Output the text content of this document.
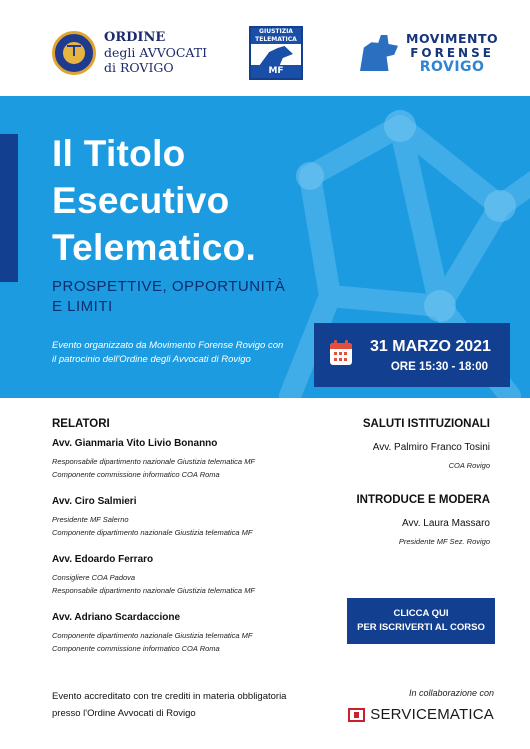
ORDINE
degli AVVOCATI
di ROVIGO
GIUSTIZIA TELEMATICA
MF
MOVIMENTO
FORENSE
ROVIGO
Il Titolo
Esecutivo
Telematico.
PROSPETTIVE, OPPORTUNITÀ
E LIMITI
Evento organizzato da Movimento Forense Rovigo con
il patrocinio dell'Ordine degli Avvocati di Rovigo
31 MARZO 2021
ORE 15:30 - 18:00
RELATORI
Avv. Gianmaria Vito Livio Bonanno
Responsabile dipartimento nazionale Giustizia telematica MF
Componente commissione informatico COA Roma
Avv. Ciro Salmieri
Presidente MF Salerno
Componente dipartimento nazionale Giustizia telematica MF
Avv. Edoardo Ferraro
Consigliere COA Padova
Responsabile dipartimento nazionale Giustizia telematica MF
Avv. Adriano Scardaccione
Componente dipartimento nazionale Giustizia telematica MF
Componente commissione informatico COA Roma
SALUTI ISTITUZIONALI
Avv. Palmiro Franco Tosini
COA Rovigo
INTRODUCE E MODERA
Avv. Laura Massaro
Presidente MF Sez. Rovigo
CLICCA QUI
PER ISCRIVERTI AL CORSO
Evento accreditato con tre crediti in materia obbligatoria
presso l'Ordine Avvocati di Rovigo
In collaborazione con
SERVICEMATICA
